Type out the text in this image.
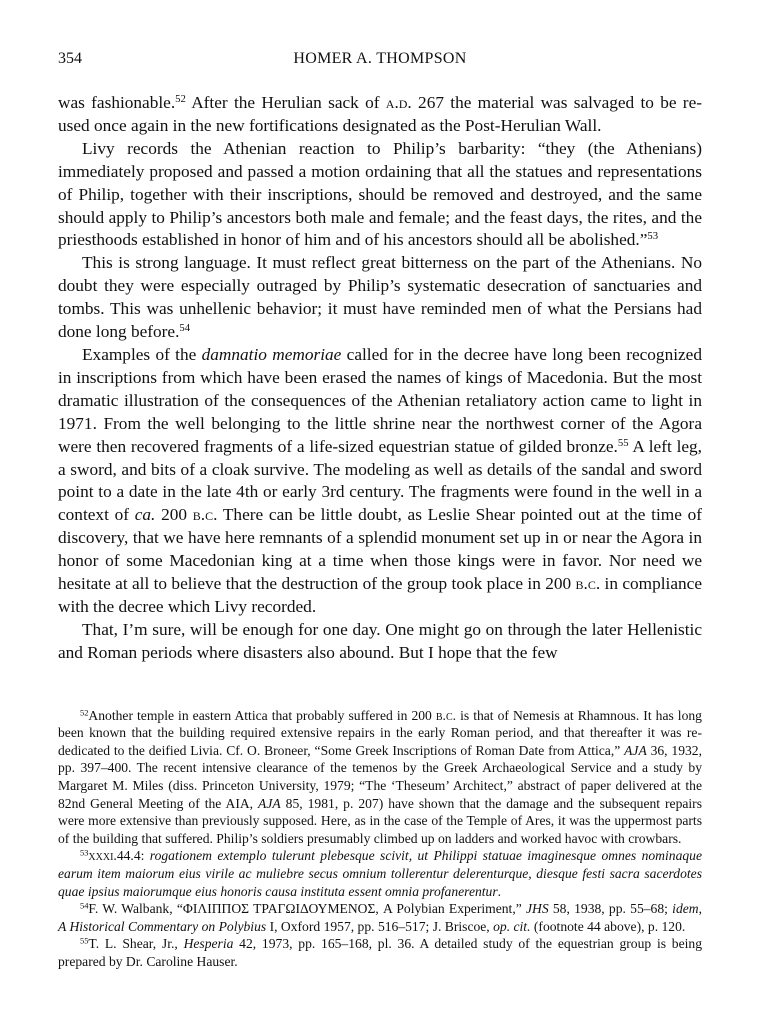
354	HOMER A. THOMPSON

was fashionable.$^{52}$ After the Herulian sack of a.d. 267 the material was salvaged to be re-used once again in the new fortifications designated as the Post-Herulian Wall.

Livy records the Athenian reaction to Philip’s barbarity: “they (the Athenians) immediately proposed and passed a motion ordaining that all the statues and representations of Philip, together with their inscriptions, should be removed and destroyed, and the same should apply to Philip’s ancestors both male and female; and the feast days, the rites, and the priesthoods established in honor of him and of his ancestors should all be abolished.”$^{53}$

This is strong language. It must reflect great bitterness on the part of the Athenians. No doubt they were especially outraged by Philip’s systematic desecration of sanctuaries and tombs. This was unhellenic behavior; it must have reminded men of what the Persians had done long before.$^{54}$

Examples of the damnatio memoriae called for in the decree have long been recognized in inscriptions from which have been erased the names of kings of Macedonia. But the most dramatic illustration of the consequences of the Athenian retaliatory action came to light in 1971. From the well belonging to the little shrine near the northwest corner of the Agora were then recovered fragments of a life-sized equestrian statue of gilded bronze.$^{55}$ A left leg, a sword, and bits of a cloak survive. The modeling as well as details of the sandal and sword point to a date in the late 4th or early 3rd century. The fragments were found in the well in a context of ca. 200 b.c. There can be little doubt, as Leslie Shear pointed out at the time of discovery, that we have here remnants of a splendid monument set up in or near the Agora in honor of some Macedonian king at a time when those kings were in favor. Nor need we hesitate at all to believe that the destruction of the group took place in 200 b.c. in compliance with the decree which Livy recorded.

That, I’m sure, will be enough for one day. One might go on through the later Hellenistic and Roman periods where disasters also abound. But I hope that the few

$^{52}$Another temple in eastern Attica that probably suffered in 200 b.c. is that of Nemesis at Rhamnous. It has long been known that the building required extensive repairs in the early Roman period, and that thereafter it was re-dedicated to the deified Livia. Cf. O. Broneer, “Some Greek Inscriptions of Roman Date from Attica,” AJA 36, 1932, pp. 397–400. The recent intensive clearance of the temenos by the Greek Archaeological Service and a study by Margaret M. Miles (diss. Princeton University, 1979; “The ‘Theseum’ Architect,” abstract of paper delivered at the 82nd General Meeting of the AIA, AJA 85, 1981, p. 207) have shown that the damage and the subsequent repairs were more extensive than previously supposed. Here, as in the case of the Temple of Ares, it was the uppermost parts of the building that suffered. Philip’s soldiers presumably climbed up on ladders and worked havoc with crowbars.

$^{53}$xxxi.44.4: rogationem extemplo tulerunt plebesque scivit, ut Philippi statuae imaginesque omnes nominaque earum item maiorum eius virile ac muliebre secus omnium tollerentur delerenturque, diesque festi sacra sacerdotes quae ipsius maiorumque eius honoris causa instituta essent omnia profanerentur.

$^{54}$F. W. Walbank, “ΦΙΛΙΠΠΟΣ ΤΡΑΓΩΙΔΟΥΜΕΝΟΣ, A Polybian Experiment,” JHS 58, 1938, pp. 55–68; idem, A Historical Commentary on Polybius I, Oxford 1957, pp. 516–517; J. Briscoe, op. cit. (footnote 44 above), p. 120.

$^{55}$T. L. Shear, Jr., Hesperia 42, 1973, pp. 165–168, pl. 36. A detailed study of the equestrian group is being prepared by Dr. Caroline Hauser.
